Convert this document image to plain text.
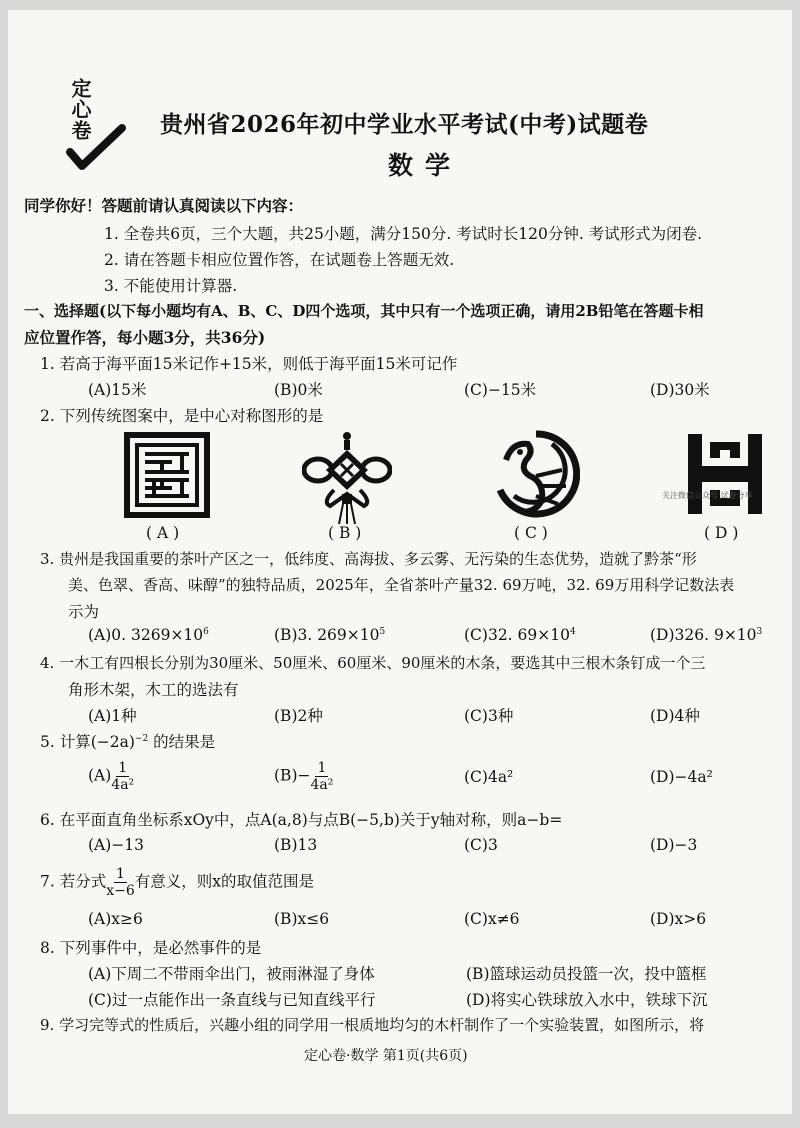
定心卷	贵州省2026年初中学业水平考试(中考)试题卷
数学
同学你好！答题前请认真阅读以下内容：
1. 全卷共6页，三个大题，共25小题，满分150分. 考试时长120分钟. 考试形式为闭卷.
2. 请在答题卡相应位置作答，在试题卷上答题无效.
3. 不能使用计算器.
一、选择题(以下每小题均有A、B、C、D四个选项，其中只有一个选项正确，请用2B铅笔在答题卡相
应位置作答，每小题3分，共36分)
1. 若高于海平面15米记作+15米，则低于海平面15米可记作
(A)15米	(B)0米	(C)−15米	(D)30米
2. 下列传统图案中，是中心对称图形的是
关注微信公众号 试卷分享
( A )	( B )	( C )	( D )
3. 贵州是我国重要的茶叶产区之一，低纬度、高海拔、多云雾、无污染的生态优势，造就了黔茶“形
美、色翠、香高、味醇”的独特品质，2025年，全省茶叶产量32. 69万吨，32. 69万用科学记数法表
示为
(A)0. $3269\times 10^6$	(B)3. $269\times 10^5$	(C)32. $69\times 10^4$	(D)326. $9\times 10^3$
4. 一木工有四根长分别为30厘米、50厘米、60厘米、90厘米的木条，要选其中三根木条钉成一个三
角形木架，木工的选法有
(A)1种	(B)2种	(C)3种	(D)4种
5. 计算$(-2a)^{-2}$ 的结果是
$(A) \frac{1}{\text{4a²}}$	$(B)- \frac{1}{\text{4a²}}$	(C)4a²	(D)−4a²
6. 在平面直角坐标系xOy中，点A(a,8)与点B(−5,b)关于y轴对称，则a−b=
(A)−13	(B)13	(C)3	(D)−3
7. 若分式 $\frac{1}{x-6}$ 有意义，则x的取值范围是
(A)x≥6	(B)x≤6	(C)x≠6	(D)x>6
8. 下列事件中，是必然事件的是
(A)下周二不带雨伞出门，被雨淋湿了身体	(B)篮球运动员投篮一次，投中篮框
(C)过一点能作出一条直线与已知直线平行	(D)将实心铁球放入水中，铁球下沉
9. 学习完等式的性质后，兴趣小组的同学用一根质地均匀的木杆制作了一个实验装置，如图所示，将
定心卷·数学 第1页(共6页)
